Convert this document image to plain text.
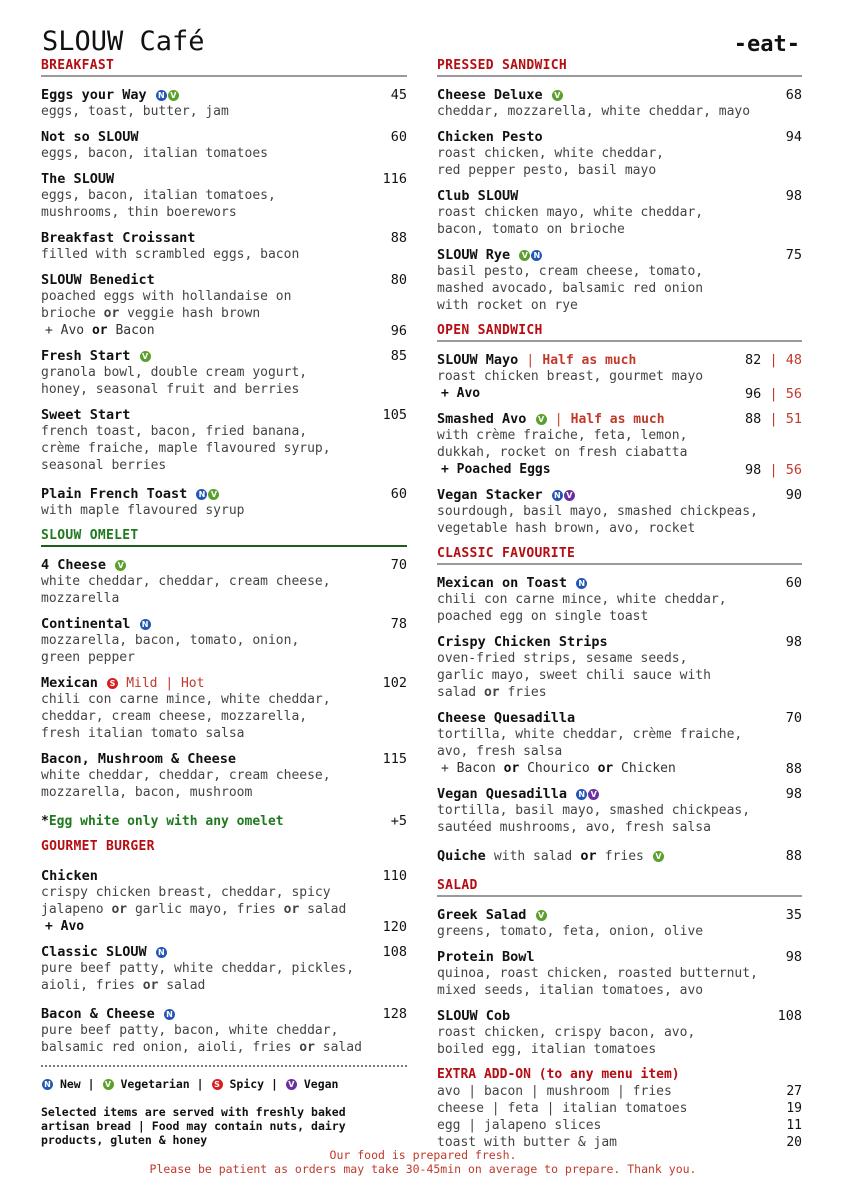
SLOUW Café	-eat-
BREAKFAST
Eggs your Way N V	45
eggs, toast, butter, jam
Not so SLOUW	60
eggs, bacon, italian tomatoes
The SLOUW	116
eggs, bacon, italian tomatoes,
mushrooms, thin boerewors
Breakfast Croissant	88
filled with scrambled eggs, bacon
SLOUW Benedict	80
poached eggs with hollandaise on
brioche or veggie hash brown
+ Avo or Bacon	96
Fresh Start V	85
granola bowl, double cream yogurt,
honey, seasonal fruit and berries
Sweet Start	105
french toast, bacon, fried banana,
crème fraiche, maple flavoured syrup,
seasonal berries
Plain French Toast N V	60
with maple flavoured syrup
SLOUW OMELET
4 Cheese V	70
white cheddar, cheddar, cream cheese,
mozzarella
Continental N	78
mozzarella, bacon, tomato, onion,
green pepper
Mexican S Mild | Hot	102
chili con carne mince, white cheddar,
cheddar, cream cheese, mozzarella,
fresh italian tomato salsa
Bacon, Mushroom & Cheese	115
white cheddar, cheddar, cream cheese,
mozzarella, bacon, mushroom
*Egg white only with any omelet	+5
GOURMET BURGER
Chicken	110
crispy chicken breast, cheddar, spicy
jalapeno or garlic mayo, fries or salad
+ Avo	120
Classic SLOUW N	108
pure beef patty, white cheddar, pickles,
aioli, fries or salad
Bacon & Cheese N	128
pure beef patty, bacon, white cheddar,
balsamic red onion, aioli, fries or salad
N New | V Vegetarian | S Spicy | V Vegan
Selected items are served with freshly baked
artisan bread | Food may contain nuts, dairy
products, gluten & honey
PRESSED SANDWICH
Cheese Deluxe V	68
cheddar, mozzarella, white cheddar, mayo
Chicken Pesto	94
roast chicken, white cheddar,
red pepper pesto, basil mayo
Club SLOUW	98
roast chicken mayo, white cheddar,
bacon, tomato on brioche
SLOUW Rye V N	75
basil pesto, cream cheese, tomato,
mashed avocado, balsamic red onion
with rocket on rye
OPEN SANDWICH
SLOUW Mayo | Half as much	82 | 48
roast chicken breast, gourmet mayo
+ Avo	96 | 56
Smashed Avo V | Half as much	88 | 51
with crème fraiche, feta, lemon,
dukkah, rocket on fresh ciabatta
+ Poached Eggs	98 | 56
Vegan Stacker N V	90
sourdough, basil mayo, smashed chickpeas,
vegetable hash brown, avo, rocket
CLASSIC FAVOURITE
Mexican on Toast N	60
chili con carne mince, white cheddar,
poached egg on single toast
Crispy Chicken Strips	98
oven-fried strips, sesame seeds,
garlic mayo, sweet chili sauce with
salad or fries
Cheese Quesadilla	70
tortilla, white cheddar, crème fraiche,
avo, fresh salsa
+ Bacon or Chourico or Chicken	88
Vegan Quesadilla N V	98
tortilla, basil mayo, smashed chickpeas,
sautéed mushrooms, avo, fresh salsa
Quiche with salad or fries V	88
SALAD
Greek Salad V	35
greens, tomato, feta, onion, olive
Protein Bowl	98
quinoa, roast chicken, roasted butternut,
mixed seeds, italian tomatoes, avo
SLOUW Cob	108
roast chicken, crispy bacon, avo,
boiled egg, italian tomatoes
EXTRA ADD-ON (to any menu item)
avo | bacon | mushroom | fries	27
cheese | feta | italian tomatoes	19
egg | jalapeno slices	11
toast with butter & jam	20
Our food is prepared fresh.
Please be patient as orders may take 30-45min on average to prepare. Thank you.
